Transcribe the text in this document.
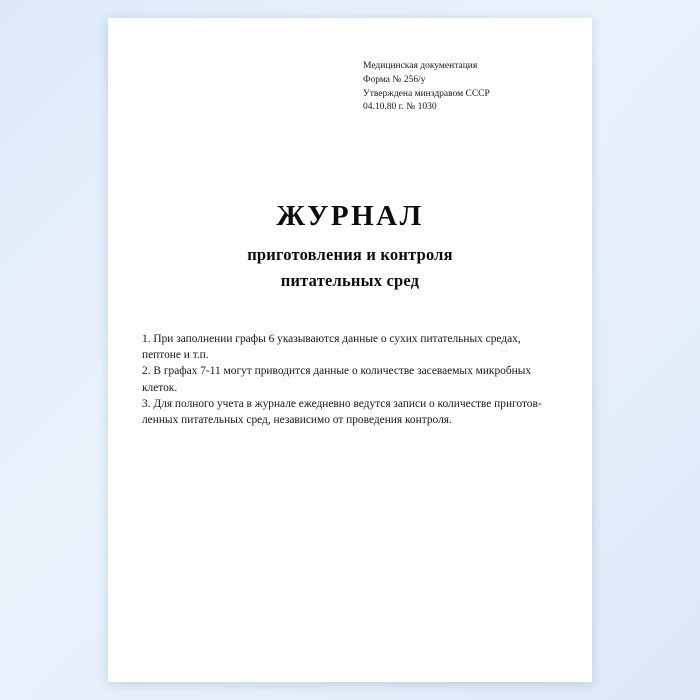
Медицинская документация
Форма № 256/у
Утверждена минздравом СССР
04.10.80 г. № 1030
ЖУРНАЛ
приготовления и контроля
питательных сред

1. При заполнении графы 6 указываются данные о сухих питательных средах, пептоне и т.п.

2. В графах 7-11 могут приводится данные о количестве засеваемых микробных клеток.

3. Для полного учета в журнале ежедневно ведутся записи о количестве приготов-ленных питательных сред, независимо от проведения контроля.
